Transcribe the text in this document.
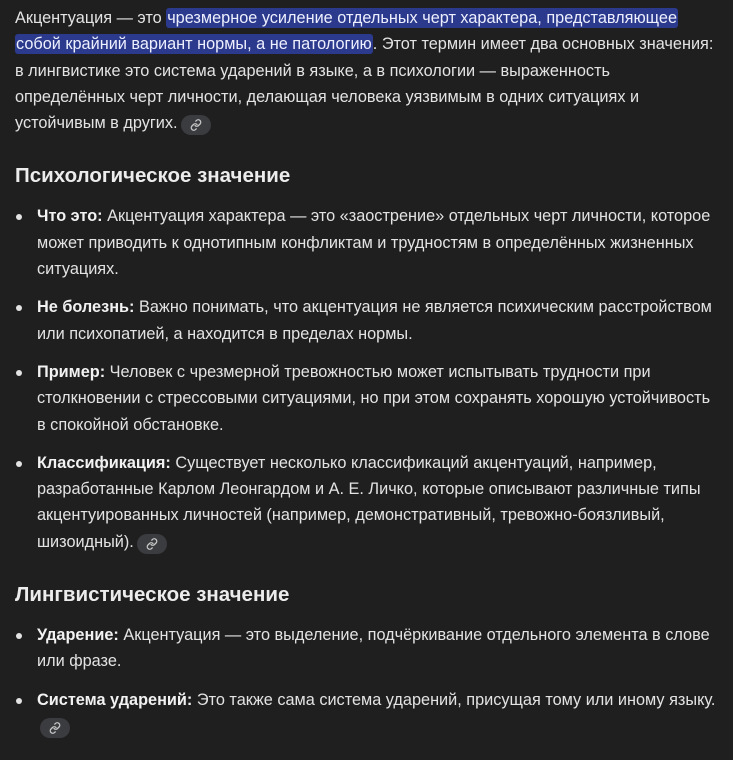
Акцентуация — это чрезмерное усиление отдельных черт характера, представляющее собой крайний вариант нормы, а не патологию. Этот термин имеет два основных значения: в лингвистике это система ударений в языке, а в психологии — выраженность определённых черт личности, делающая человека уязвимым в одних ситуациях и устойчивым в других.

Психологическое значение
Что это: Акцентуация характера — это «заострение» отдельных черт личности, которое может приводить к однотипным конфликтам и трудностям в определённых жизненных ситуациях.
Не болезнь: Важно понимать, что акцентуация не является психическим расстройством или психопатией, а находится в пределах нормы.
Пример: Человек с чрезмерной тревожностью может испытывать трудности при столкновении с стрессовыми ситуациями, но при этом сохранять хорошую устойчивость в спокойной обстановке.
Классификация: Существует несколько классификаций акцентуаций, например, разработанные Карлом Леонгардом и А. Е. Личко, которые описывают различные типы акцентуированных личностей (например, демонстративный, тревожно-боязливый, шизоидный).
Лингвистическое значение
Ударение: Акцентуация — это выделение, подчёркивание отдельного элемента в слове или фразе.
Система ударений: Это также сама система ударений, присущая тому или иному языку.
